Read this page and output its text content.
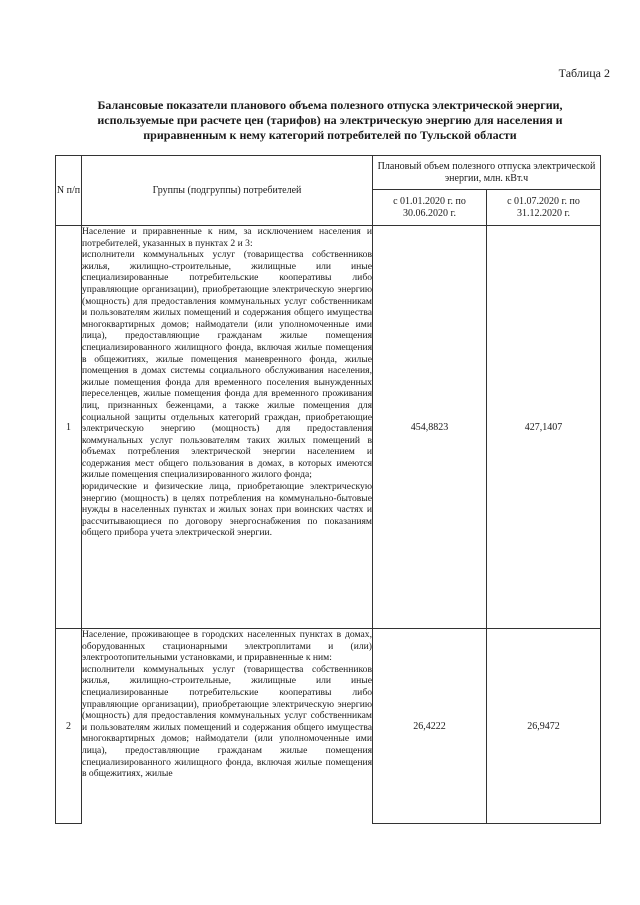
Таблица 2
Балансовые показатели планового объема полезного отпуска электрической энергии, используемые при расчете цен (тарифов) на электрическую энергию для населения и приравненным к нему категорий потребителей по Тульской области
N п/п	Группы (подгруппы) потребителей	Плановый объем полезного отпуска электрической энергии, млн. кВт.ч	
		с 01.01.2020 г. по 30.06.2020 г.	с 01.07.2020 г. по 31.12.2020 г.
1	Население и приравненные к ним, за исключением населения и потребителей, указанных в пунктах 2 и 3:

исполнители коммунальных услуг (товарищества собственников жилья, жилищно-строительные, жилищные или иные специализированные потребительские кооперативы либо управляющие организации), приобретающие электрическую энергию (мощность) для предоставления коммунальных услуг собственникам и пользователям жилых помещений и содержания общего имущества многоквартирных домов; наймодатели (или уполномоченные ими лица), предоставляющие гражданам жилые помещения специализированного жилищного фонда, включая жилые помещения в общежитиях, жилые помещения маневренного фонда, жилые помещения в домах системы социального обслуживания населения, жилые помещения фонда для временного поселения вынужденных переселенцев, жилые помещения фонда для временного проживания лиц, признанных беженцами, а также жилые помещения для социальной защиты отдельных категорий граждан, приобретающие электрическую энергию (мощность) для предоставления коммунальных услуг пользователям таких жилых помещений в объемах потребления электрической энергии населением и содержания мест общего пользования в домах, в которых имеются жилые помещения специализированного жилого фонда;

юридические и физические лица, приобретающие электрическую энергию (мощность) в целях потребления на коммунально-бытовые нужды в населенных пунктах и жилых зонах при воинских частях и рассчитывающиеся по договору энергоснабжения по показаниям общего прибора учета электрической энергии.	454,8823	427,1407
2	Население, проживающее в городских населенных пунктах в домах, оборудованных стационарными электроплитами и (или) электроотопительными установками, и приравненные к ним:

исполнители коммунальных услуг (товарищества собственников жилья, жилищно-строительные, жилищные или иные специализированные потребительские кооперативы либо управляющие организации), приобретающие электрическую энергию (мощность) для предоставления коммунальных услуг собственникам и пользователям жилых помещений и содержания общего имущества многоквартирных домов; наймодатели (или уполномоченные ими лица), предоставляющие гражданам жилые помещения специализированного жилищного фонда, включая жилые помещения в общежитиях, жилые	26,4222	26,9472
